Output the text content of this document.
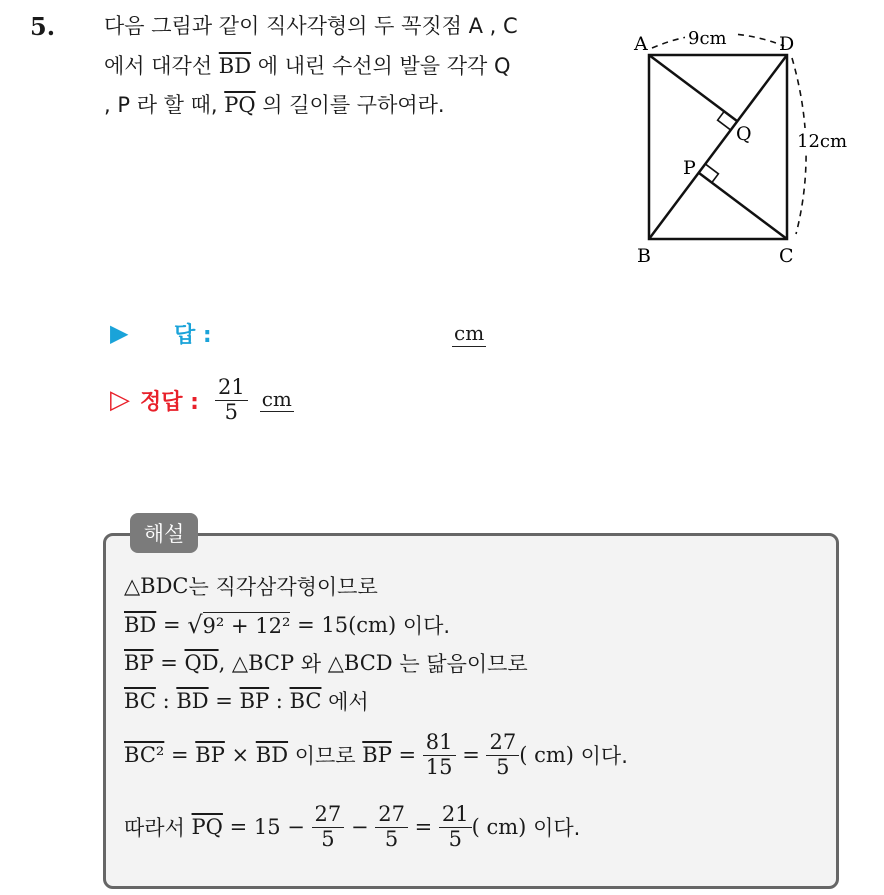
5. 다음 그림과 같이 직사각형의 두 꼭짓점 A , C
에서 대각선 $\overline{BD}$ 에 내린 수선의 발을 각각 Q
, P 라 할 때, $\overline{PQ}$ 의 길이를 구하여라.
9cm
12cm
A	D
B	C
P
Q
▶	답 :	cm
▷ 정답 : $\frac{21}{5}$ cm
해설
△BDC 는 직각삼각형이므로
$\overline{BD}$ = √ 9² + 12² = 15(cm) 이다.
$\overline{BP} = \overline{QD}$ , △BCP 와 △BCD 는 닮음이므로
$\overline{BC}$ : $\overline{BD} = \overline{BP}$ : $\overline{BC}$ 에서
$BC^2 = \overline{BP} \times \overline{BD}$ 이므로 $\overline{BP} = \frac{81}{15} = \frac{27}{5}$ ( cm) 이다.
따라서 $\overline{PQ} = 15 - \frac{27}{5} - \frac{27}{5} = \frac{21}{5}$ ( cm) 이다.
